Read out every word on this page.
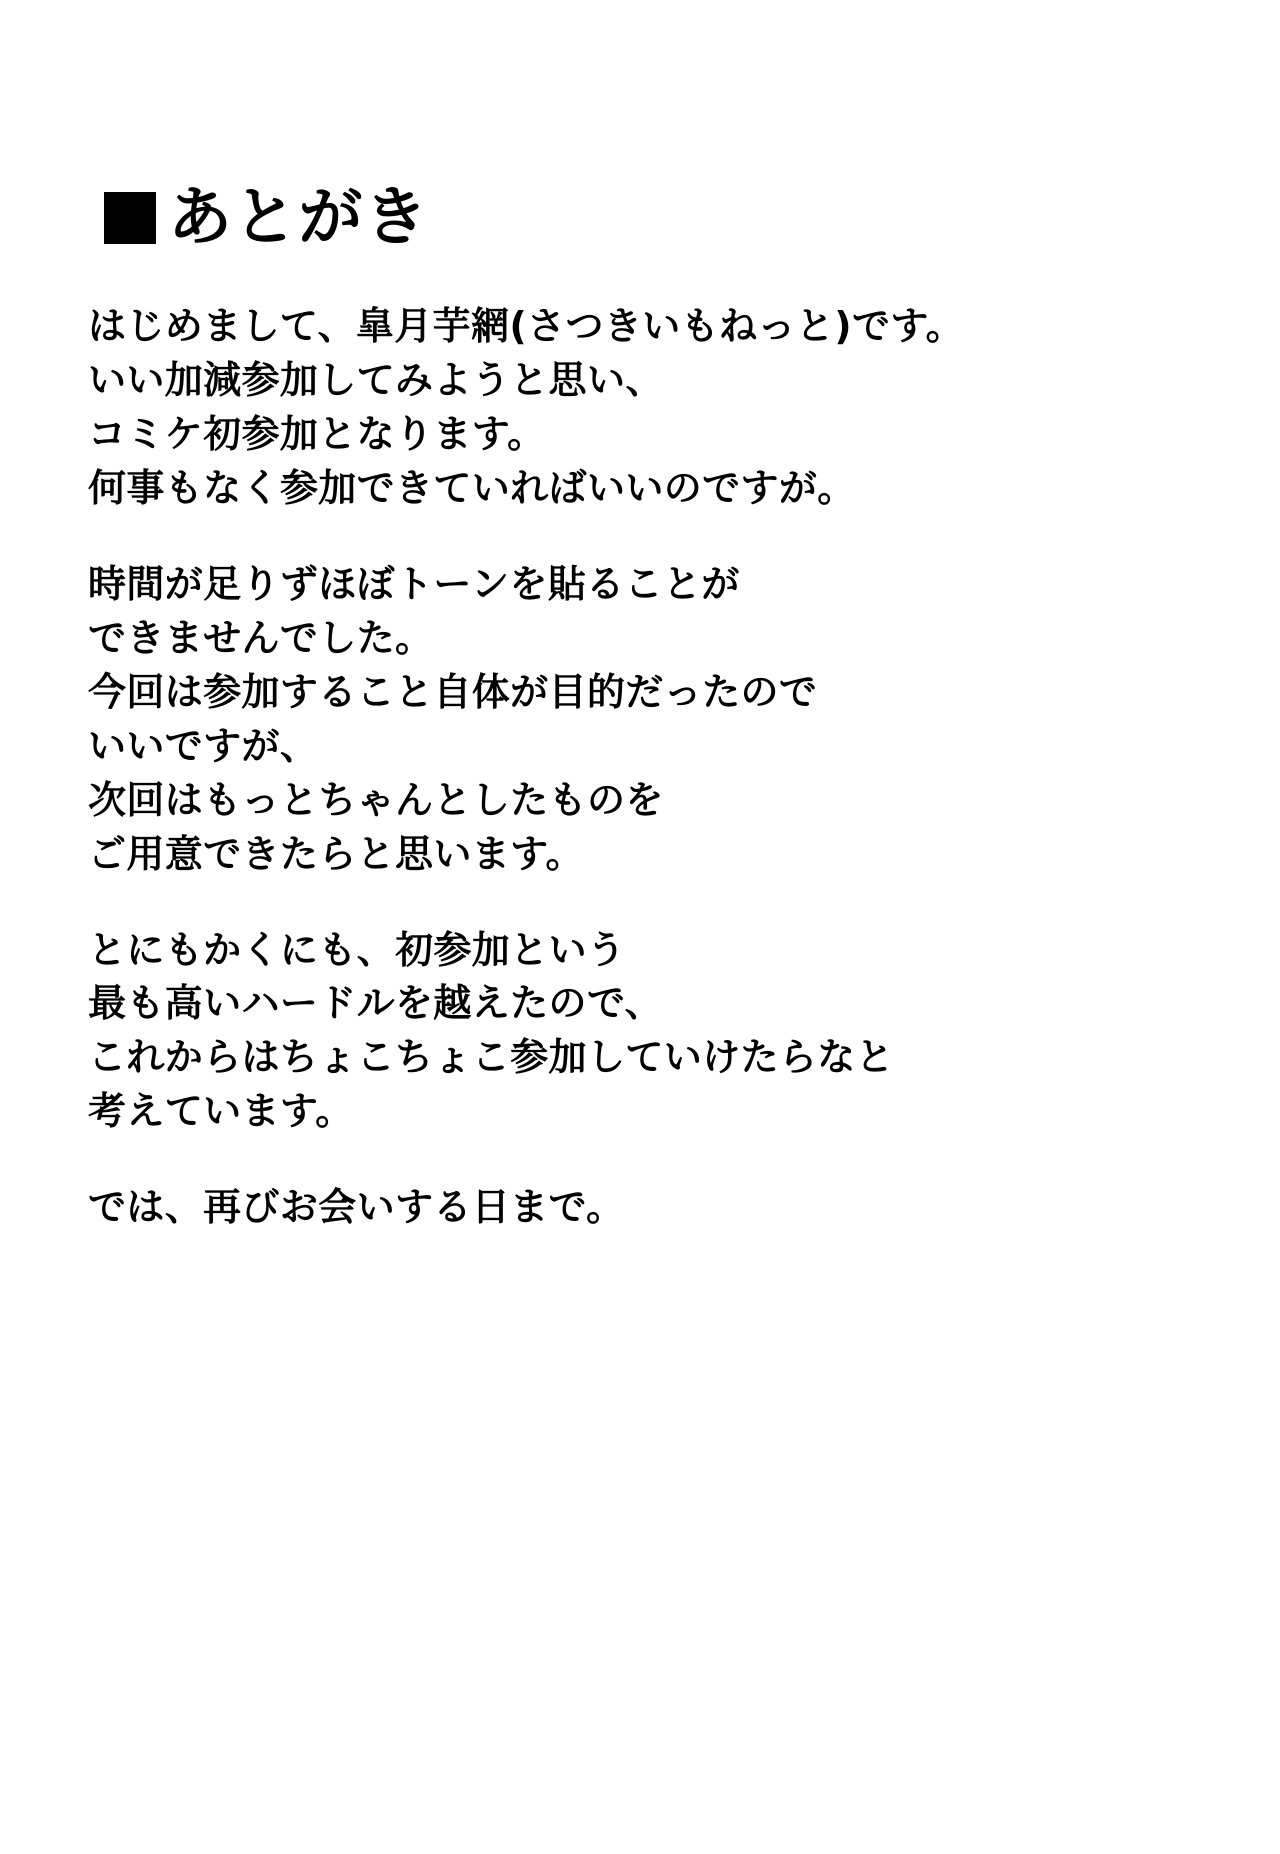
あとがき
はじめまして、皐月芋網(さつきいもねっと)です。
いい加減参加してみようと思い、
コミケ初参加となります。
何事もなく参加できていればいいのですが。
時間が足りずほぼトーンを貼ることが
できませんでした。
今回は参加すること自体が目的だったので
いいですが、
次回はもっとちゃんとしたものを
ご用意できたらと思います。
とにもかくにも、初参加という
最も高いハードルを越えたので、
これからはちょこちょこ参加していけたらなと
考えています。
では、再びお会いする日まで。
